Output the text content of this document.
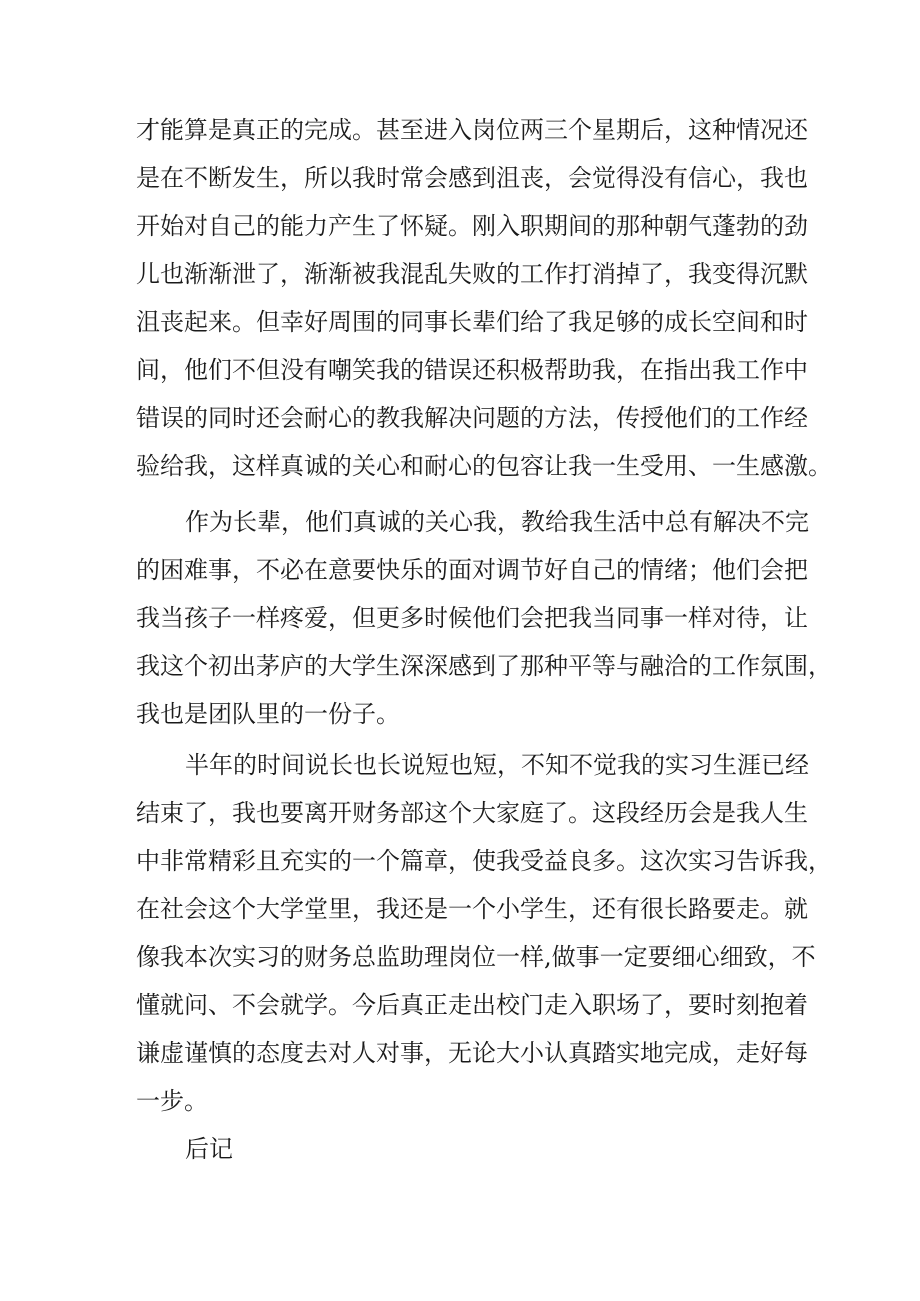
才能算是真正的完成。甚至进入岗位两三个星期后，这种情况还
是在不断发生，所以我时常会感到沮丧，会觉得没有信心，我也
开始对自己的能力产生了怀疑。刚入职期间的那种朝气蓬勃的劲
儿也渐渐泄了，渐渐被我混乱失败的工作打消掉了，我变得沉默
沮丧起来。但幸好周围的同事长辈们给了我足够的成长空间和时
间，他们不但没有嘲笑我的错误还积极帮助我，在指出我工作中
错误的同时还会耐心的教我解决问题的方法，传授他们的工作经
验给我，这样真诚的关心和耐心的包容让我一生受用、一生感激。
作为长辈，他们真诚的关心我，教给我生活中总有解决不完
的困难事，不必在意要快乐的面对调节好自己的情绪；他们会把
我当孩子一样疼爱，但更多时候他们会把我当同事一样对待，让
我这个初出茅庐的大学生深深感到了那种平等与融洽的工作氛围，
我也是团队里的一份子。
半年的时间说长也长说短也短，不知不觉我的实习生涯已经
结束了，我也要离开财务部这个大家庭了。这段经历会是我人生
中非常精彩且充实的一个篇章，使我受益良多。这次实习告诉我，
在社会这个大学堂里，我还是一个小学生，还有很长路要走。就
像我本次实习的财务总监助理岗位一样,做事一定要细心细致，不
懂就问、不会就学。今后真正走出校门走入职场了，要时刻抱着
谦虚谨慎的态度去对人对事，无论大小认真踏实地完成，走好每
一步。
后记
